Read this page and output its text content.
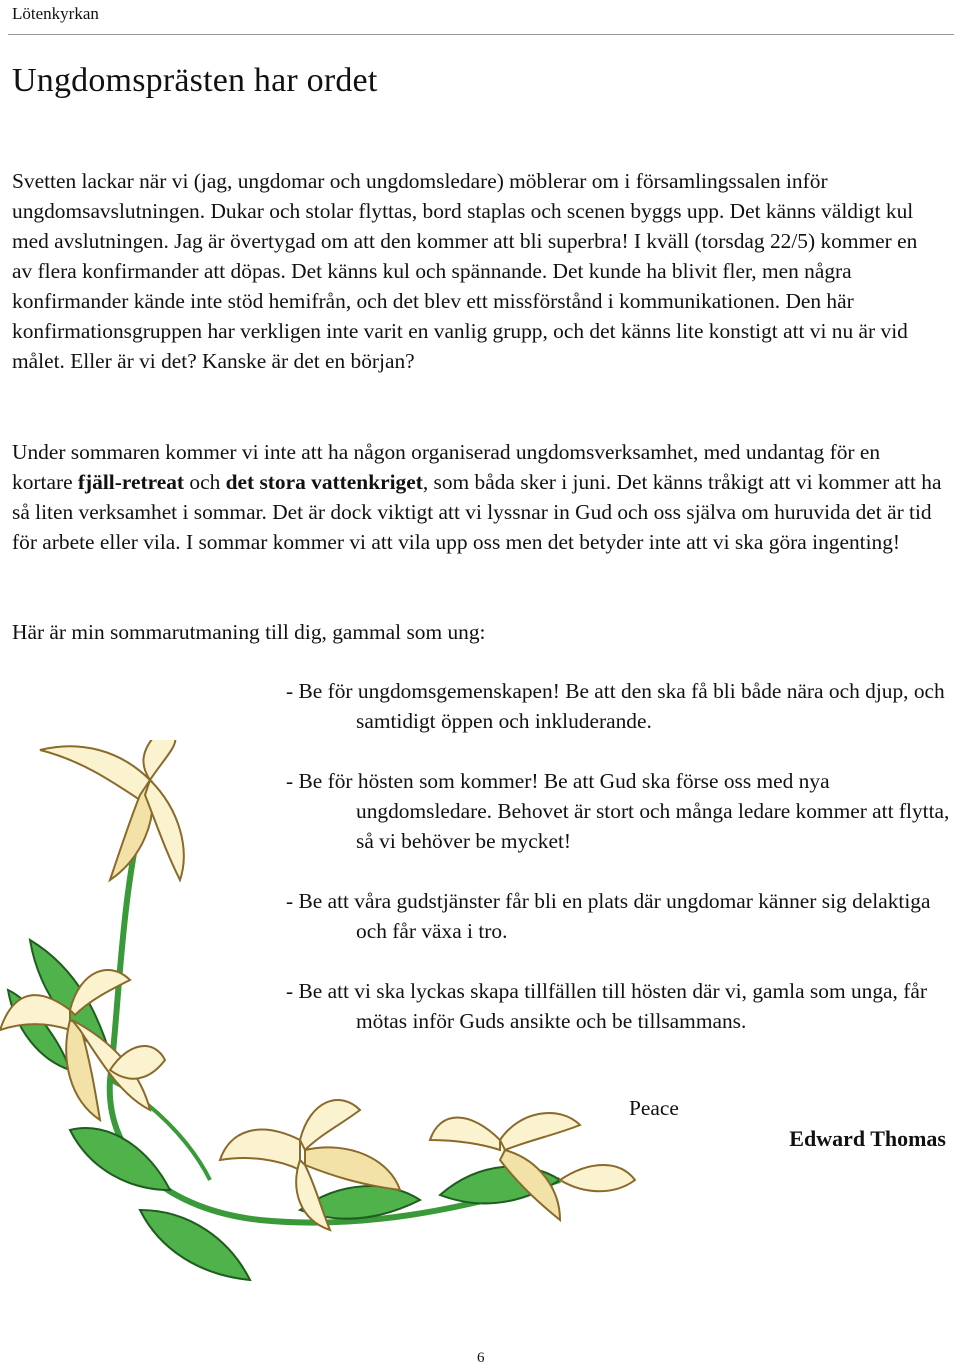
Lötenkyrkan
Ungdomsprästen har ordet

Svetten lackar när vi (jag, ungdomar och ungdomsledare) möblerar om i församlingssalen inför ungdomsavslutningen. Dukar och stolar flyttas, bord staplas och scenen byggs upp. Det känns väldigt kul med avslutningen. Jag är övertygad om att den kommer att bli superbra! I kväll (torsdag 22/5) kommer en av flera konfirmander att döpas. Det känns kul och spännande. Det kunde ha blivit fler, men några konfirmander kände inte stöd hemifrån, och det blev ett missförstånd i kommunikationen. Den här konfirmationsgruppen har verkligen inte varit en vanlig grupp, och det känns lite konstigt att vi nu är vid målet. Eller är vi det? Kanske är det en början?

Under sommaren kommer vi inte att ha någon organiserad ungdomsverksamhet, med undantag för en kortare fjäll-retreat och det stora vattenkriget, som båda sker i juni. Det känns tråkigt att vi kommer att ha så liten verksamhet i sommar. Det är dock viktigt att vi lyssnar in Gud och oss själva om huruvida det är tid för arbete eller vila. I sommar kommer vi att vila upp oss men det betyder inte att vi ska göra ingenting!

Här är min sommarutmaning till dig, gammal som ung:

- Be för ungdomsgemenskapen! Be att den ska få bli både nära och djup, och samtidigt öppen och inkluderande.
- Be för hösten som kommer! Be att Gud ska förse oss med nya ungdomsledare. Behovet är stort och många ledare kommer att flytta, så vi behöver be mycket!
- Be att våra gudstjänster får bli en plats där ungdomar känner sig delaktiga och får växa i tro.
- Be att vi ska lyckas skapa tillfällen till hösten där vi, gamla som unga, får mötas inför Guds ansikte och be tillsammans.
Peace
Edward Thomas
6
